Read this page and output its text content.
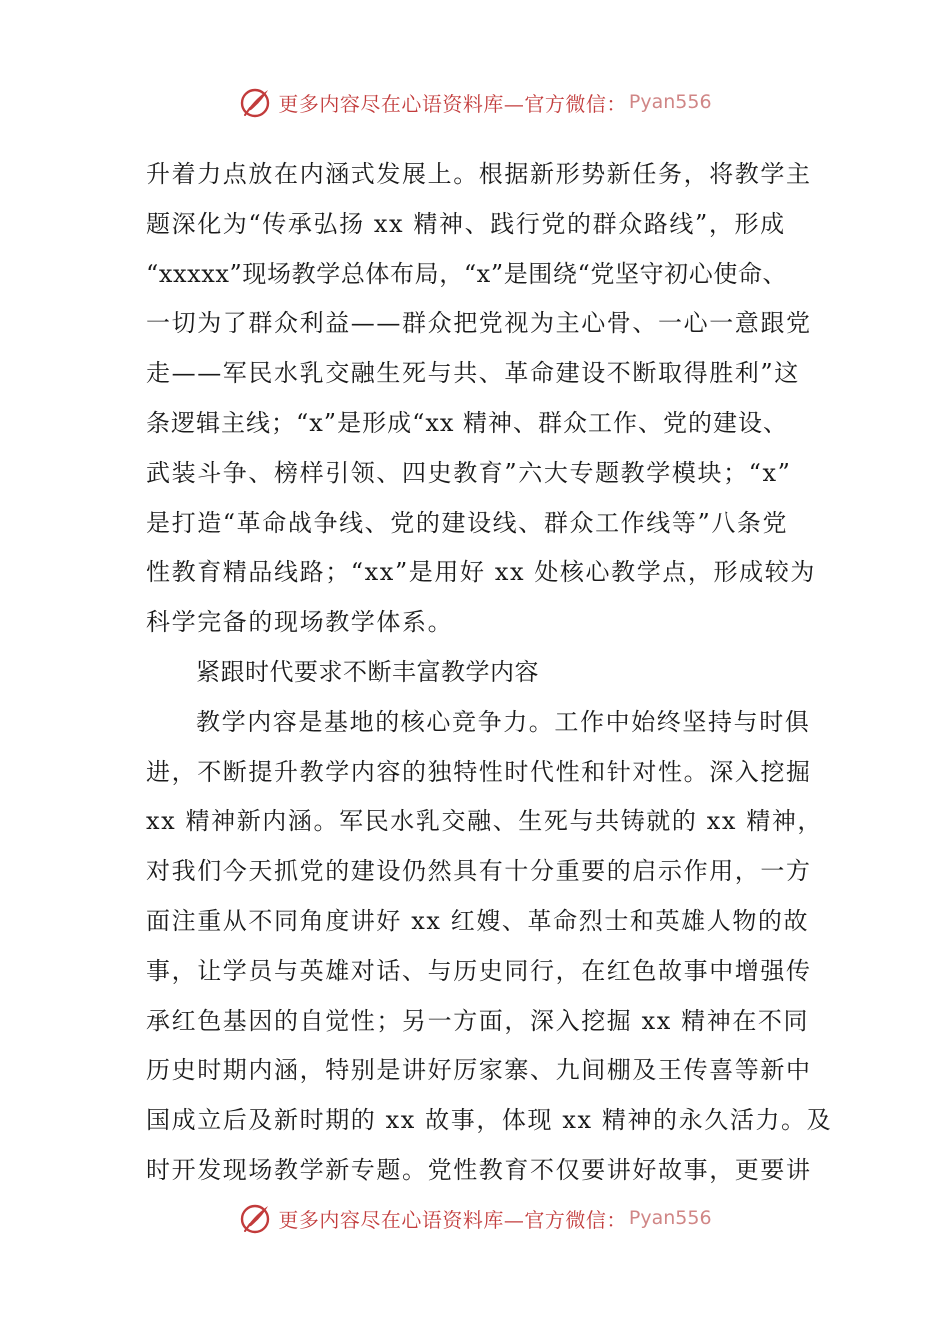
更多内容尽在心语资料库—官方微信： Pyan556
升着力点放在内涵式发展上。根据新形势新任务，将教学主
题深化为“传承弘扬 xx 精神、践行党的群众路线”，形成
“xxxxx”现场教学总体布局，“x”是围绕“党坚守初心使命、
一切为了群众利益——群众把党视为主心骨、一心一意跟党
走——军民水乳交融生死与共、革命建设不断取得胜利”这
条逻辑主线；“x”是形成“xx 精神、群众工作、党的建设、
武装斗争、榜样引领、四史教育”六大专题教学模块；“x”
是打造“革命战争线、党的建设线、群众工作线等”八条党
性教育精品线路；“xx”是用好 xx 处核心教学点，形成较为
科学完备的现场教学体系。
紧跟时代要求不断丰富教学内容
教学内容是基地的核心竞争力。工作中始终坚持与时俱
进，不断提升教学内容的独特性时代性和针对性。深入挖掘
xx 精神新内涵。军民水乳交融、生死与共铸就的 xx 精神，
对我们今天抓党的建设仍然具有十分重要的启示作用，一方
面注重从不同角度讲好 xx 红嫂、革命烈士和英雄人物的故
事，让学员与英雄对话、与历史同行，在红色故事中增强传
承红色基因的自觉性；另一方面，深入挖掘 xx 精神在不同
历史时期内涵，特别是讲好厉家寨、九间棚及王传喜等新中
国成立后及新时期的 xx 故事，体现 xx 精神的永久活力。及
时开发现场教学新专题。党性教育不仅要讲好故事，更要讲
更多内容尽在心语资料库—官方微信： Pyan556
